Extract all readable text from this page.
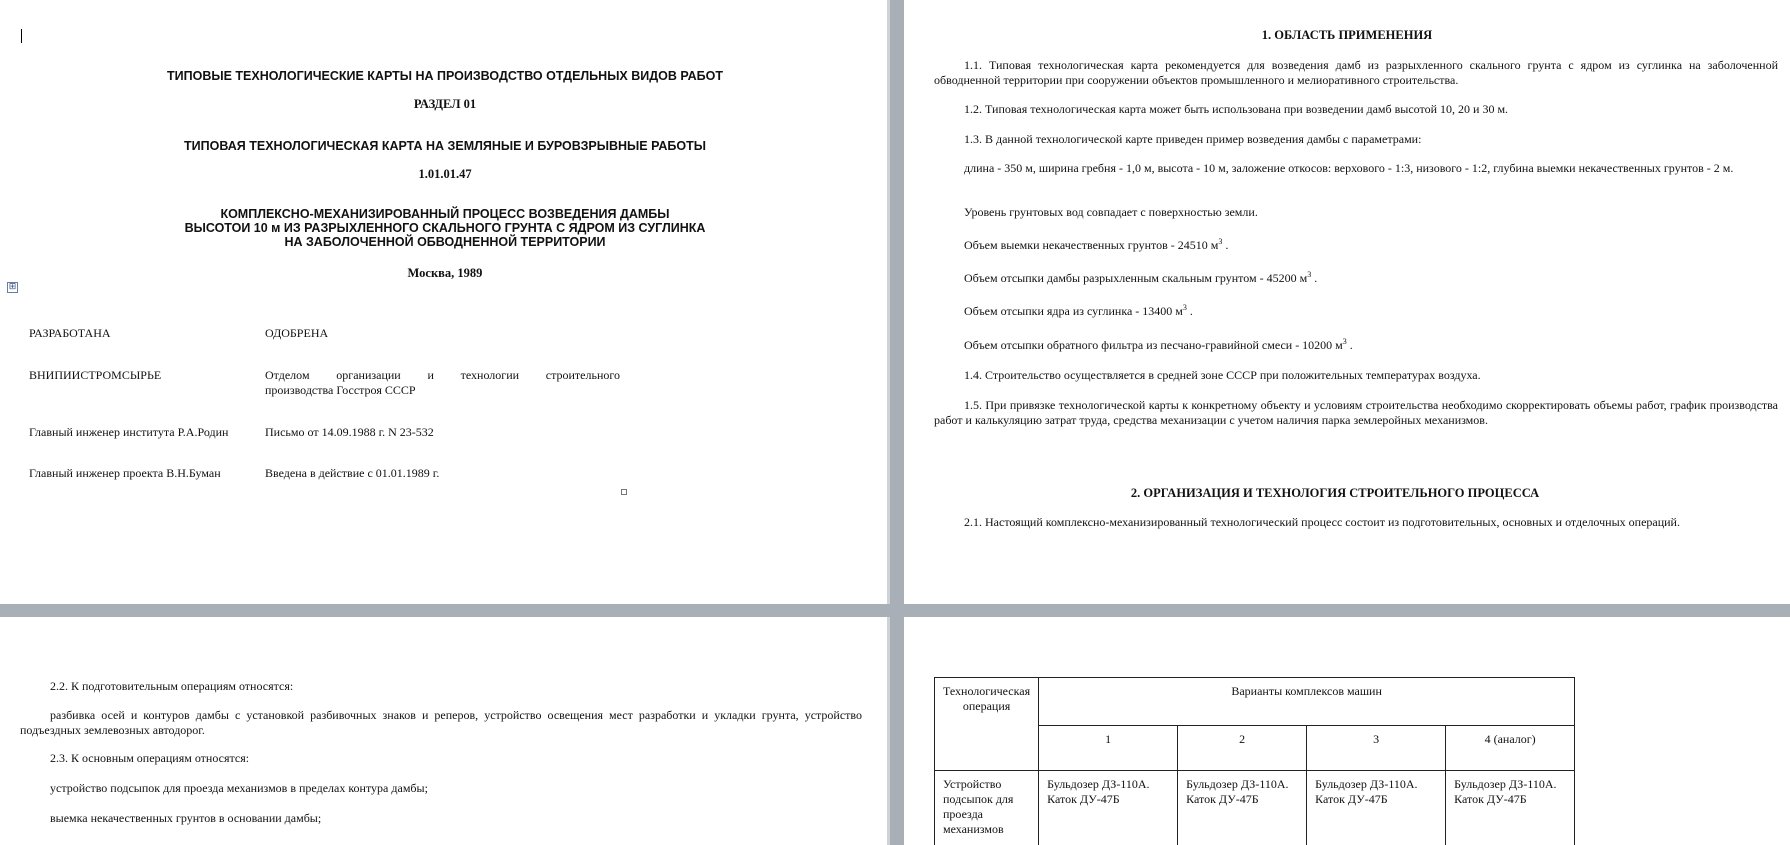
ТИПОВЫЕ ТЕХНОЛОГИЧЕСКИЕ КАРТЫ НА ПРОИЗВОДСТВО ОТДЕЛЬНЫХ ВИДОВ РАБОТ
РАЗДЕЛ 01
ТИПОВАЯ ТЕХНОЛОГИЧЕСКАЯ КАРТА НА ЗЕМЛЯНЫЕ И БУРОВЗРЫВНЫЕ РАБОТЫ
1.01.01.47
КОМПЛЕКСНО-МЕХАНИЗИРОВАННЫЙ ПРОЦЕСС ВОЗВЕДЕНИЯ ДАМБЫ
ВЫСОТОИ 10 м ИЗ РАЗРЫХЛЕННОГО СКАЛЬНОГО ГРУНТА С ЯДРОМ ИЗ СУГЛИНКА
НА ЗАБОЛОЧЕННОЙ ОБВОДНЕННОЙ ТЕРРИТОРИИ
Москва, 1989
⊞
РАЗРАБОТАНА	ОДОБРЕНА
ВНИПИИСТРОМСЫРЬЕ	Отделом организации и технологии строительного
производства Госстроя СССР
Главный инженер института Р.А.Родин	Письмо от 14.09.1988 г. N 23-532
Главный инженер проекта В.Н.Буман	Введена в действие с 01.01.1989 г.
1. ОБЛАСТЬ ПРИМЕНЕНИЯ
1.1. Типовая технологическая карта рекомендуется для возведения дамб из разрыхленного скального грунта с ядром из суглинка на заболоченной обводненной территории при сооружении объектов промышленного и мелиоративного строительства.
1.2. Типовая технологическая карта может быть использована при возведении дамб высотой 10, 20 и 30 м.
1.3. В данной технологической карте приведен пример возведения дамбы с параметрами:
длина - 350 м, ширина гребня - 1,0 м, высота - 10 м, заложение откосов: верхового - 1:3, низового - 1:2, глубина выемки некачественных грунтов - 2 м.
Уровень грунтовых вод совпадает с поверхностью земли.
Объем выемки некачественных грунтов - 24510 $м^3$ .
Объем отсыпки дамбы разрыхленным скальным грунтом - 45200 $м^3$ .
Объем отсыпки ядра из суглинка - 13400 $м^3$ .
Объем отсыпки обратного фильтра из песчано-гравийной смеси - 10200 $м^3$ .
1.4. Строительство осуществляется в средней зоне СССР при положительных температурах воздуха.
1.5. При привязке технологической карты к конкретному объекту и условиям строительства необходимо скорректировать объемы работ, график производства работ и калькуляцию затрат труда, средства механизации с учетом наличия парка землеройных механизмов.
2. ОРГАНИЗАЦИЯ И ТЕХНОЛОГИЯ СТРОИТЕЛЬНОГО ПРОЦЕССА
2.1. Настоящий комплексно-механизированный технологический процесс состоит из подготовительных, основных и отделочных операций.
2.2. К подготовительным операциям относятся:
разбивка осей и контуров дамбы с установкой разбивочных знаков и реперов, устройство освещения мест разработки и укладки грунта, устройство подъездных землевозных автодорог.
2.3. К основным операциям относятся:
устройство подсыпок для проезда механизмов в пределах контура дамбы;
выемка некачественных грунтов в основании дамбы;
Технологическая операция	Варианты комплексов машин			
	1	2	3	4 (аналог)
Устройство подсыпок для проезда механизмов	Бульдозер ДЗ-110А. Каток ДУ-47Б	Бульдозер ДЗ-110А. Каток ДУ-47Б	Бульдозер ДЗ-110А. Каток ДУ-47Б	Бульдозер ДЗ-110А. Каток ДУ-47Б
